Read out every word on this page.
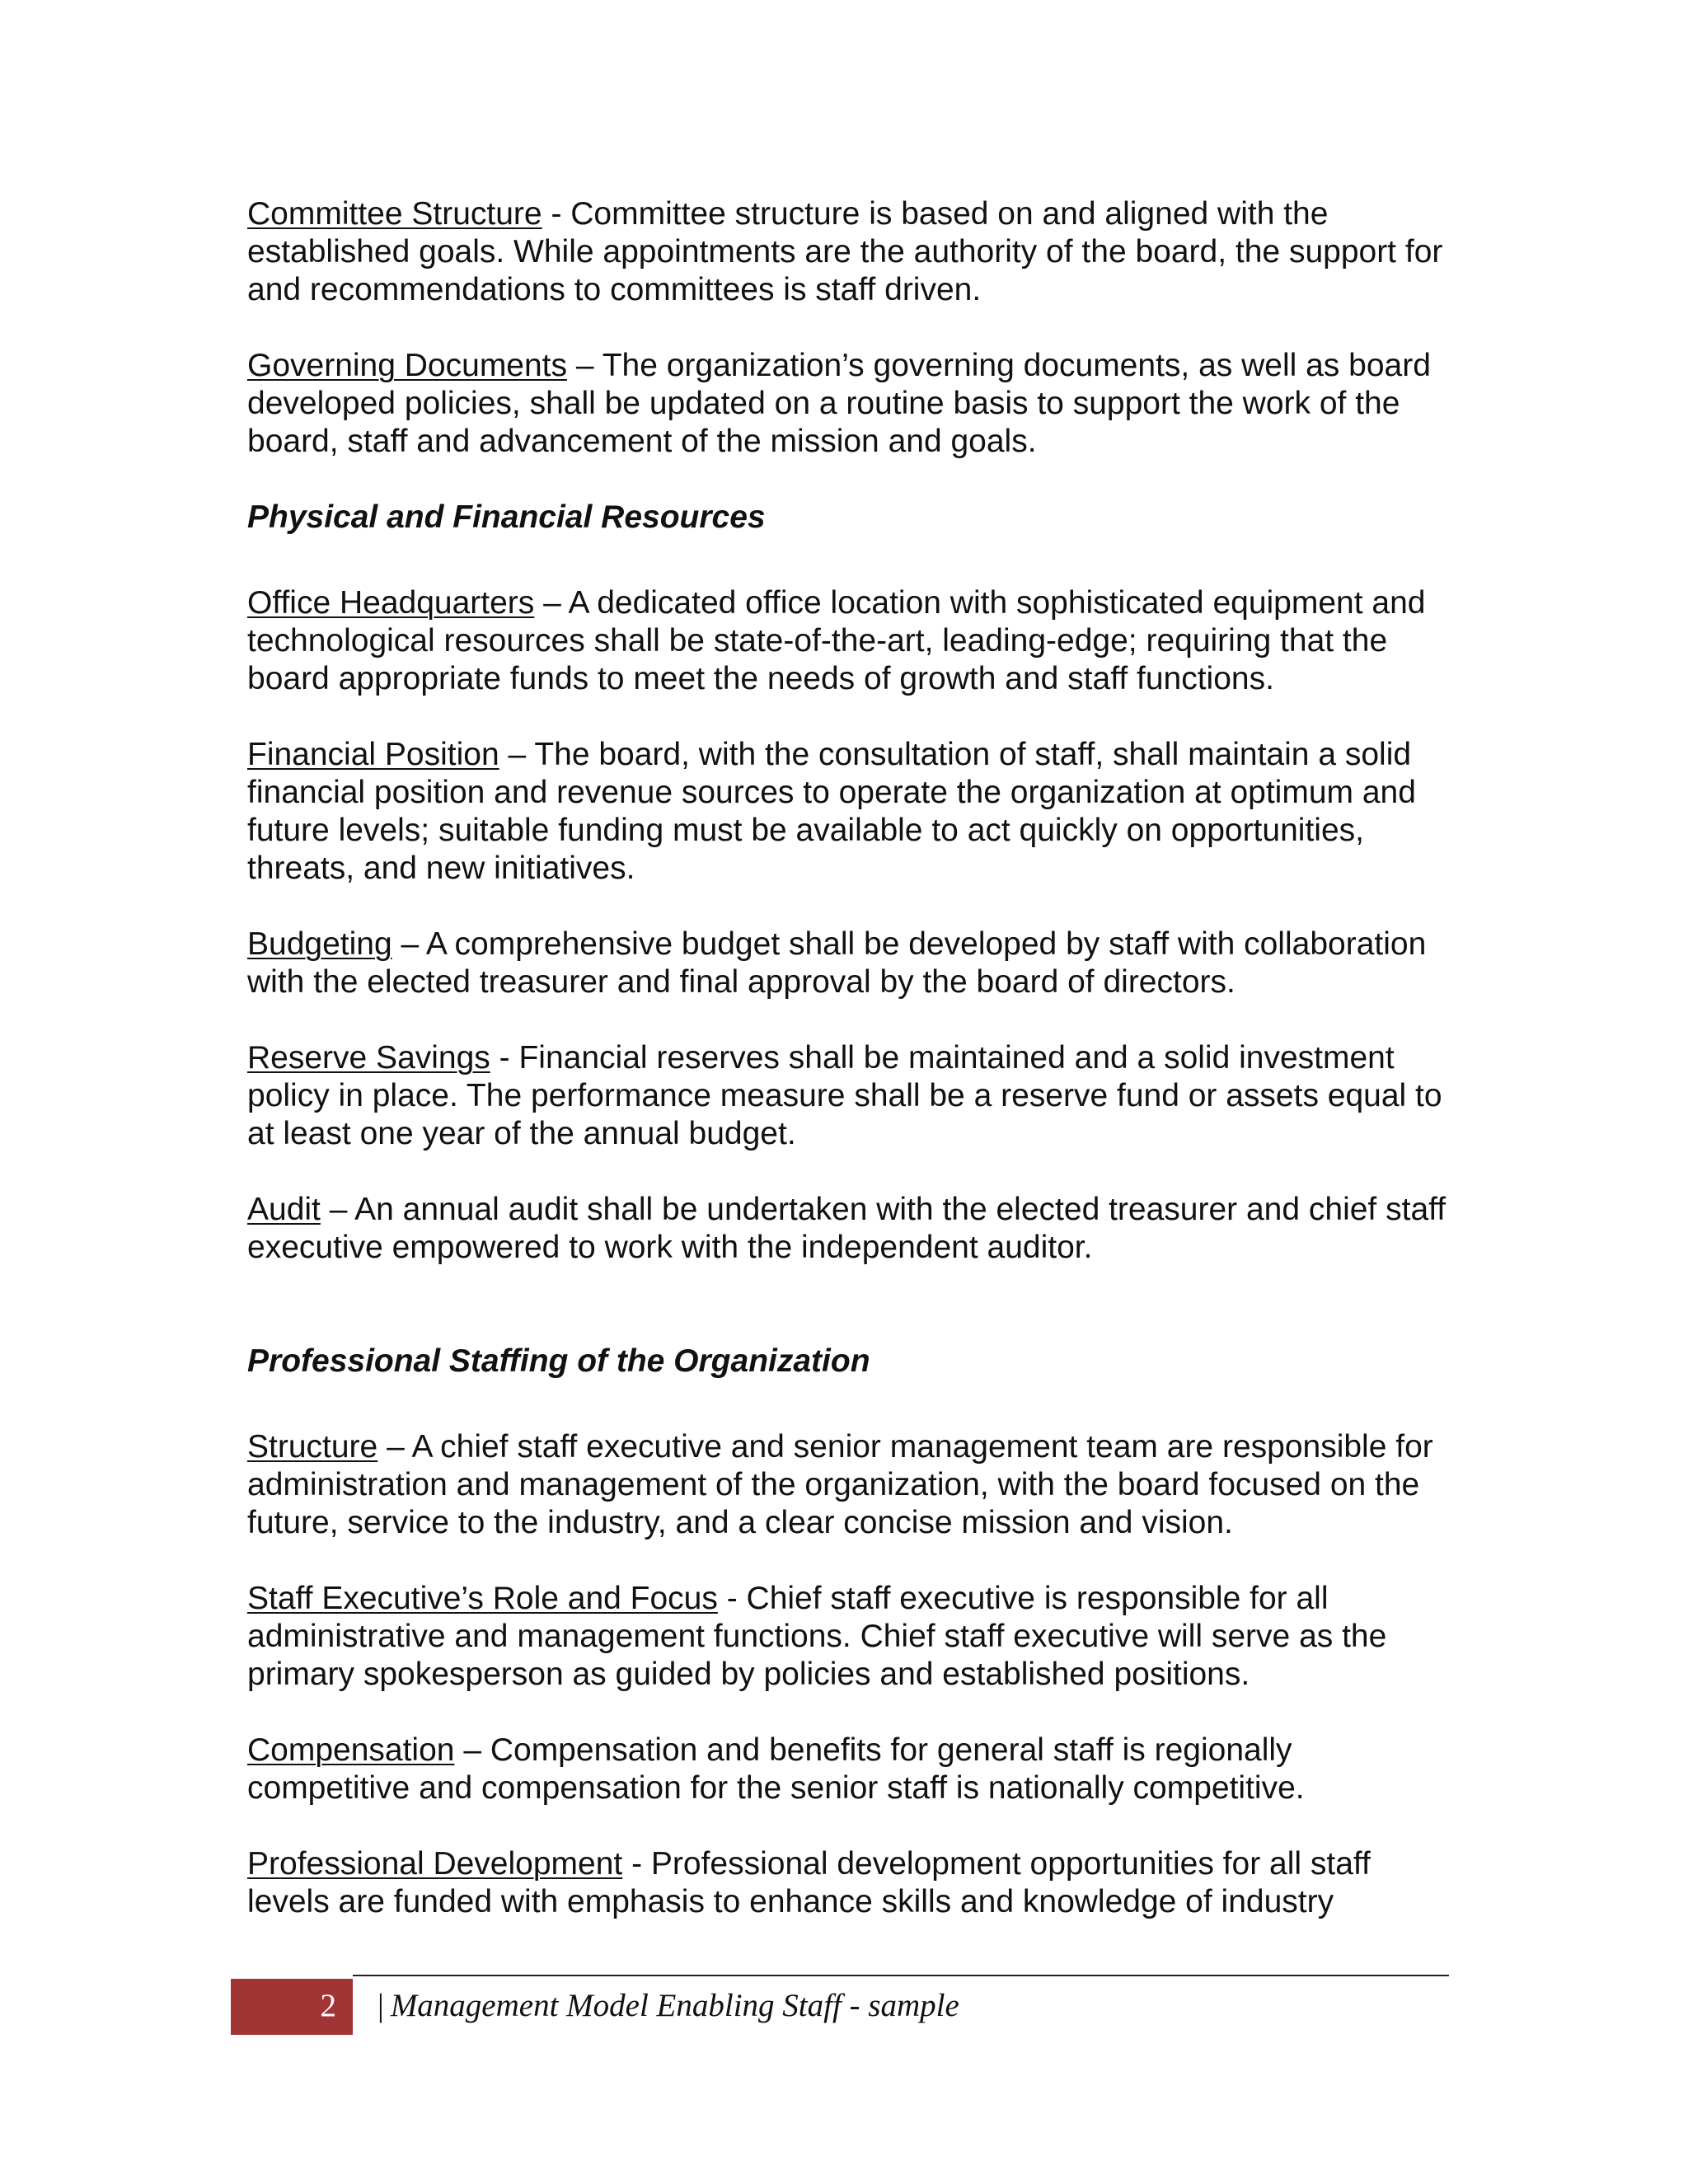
Committee Structure - Committee structure is based on and aligned with the established goals. While appointments are the authority of the board, the support for and recommendations to committees is staff driven.

Governing Documents – The organization’s governing documents, as well as board developed policies, shall be updated on a routine basis to support the work of the board, staff and advancement of the mission and goals.

Physical and Financial Resources

Office Headquarters – A dedicated office location with sophisticated equipment and technological resources shall be state-of-the-art, leading-edge; requiring that the board appropriate funds to meet the needs of growth and staff functions.

Financial Position – The board, with the consultation of staff, shall maintain a solid financial position and revenue sources to operate the organization at optimum and future levels; suitable funding must be available to act quickly on opportunities, threats, and new initiatives.

Budgeting – A comprehensive budget shall be developed by staff with collaboration with the elected treasurer and final approval by the board of directors.

Reserve Savings - Financial reserves shall be maintained and a solid investment policy in place. The performance measure shall be a reserve fund or assets equal to at least one year of the annual budget.

Audit – An annual audit shall be undertaken with the elected treasurer and chief staff executive empowered to work with the independent auditor.

Professional Staffing of the Organization

Structure – A chief staff executive and senior management team are responsible for administration and management of the organization, with the board focused on the future, service to the industry, and a clear concise mission and vision.

Staff Executive’s Role and Focus - Chief staff executive is responsible for all administrative and management functions. Chief staff executive will serve as the primary spokesperson as guided by policies and established positions.

Compensation – Compensation and benefits for general staff is regionally competitive and compensation for the senior staff is nationally competitive.

Professional Development - Professional development opportunities for all staff levels are funded with emphasis to enhance skills and knowledge of industry

2 | Management Model Enabling Staff - sample
